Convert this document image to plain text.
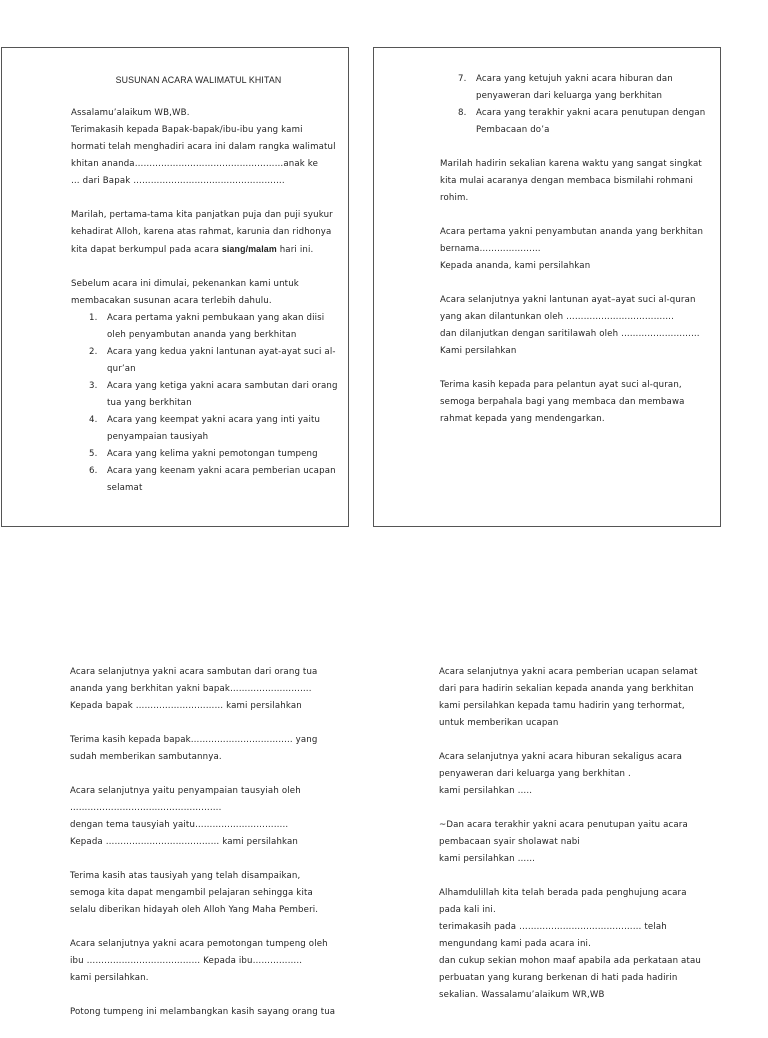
SUSUNAN ACARA WALIMATUL KHITAN

Assalamu’alaikum WB,WB.
Terimakasih kepada Bapak-bapak/ibu-ibu yang kami
hormati telah menghadiri acara ini dalam rangka walimatul
khitan ananda……………………………………………anak ke
… dari Bapak …………………………………………….

Marilah, pertama-tama kita panjatkan puja dan puji syukur
kehadirat Alloh, karena atas rahmat, karunia dan ridhonya
kita dapat berkumpul pada acara siang/malam hari ini.

Sebelum acara ini dimulai, pekenankan kami untuk
membacakan susunan acara terlebih dahulu.
1.	Acara pertama yakni pembukaan yang akan diisi
oleh penyambutan ananda yang berkhitan
2.	Acara yang kedua yakni lantunan ayat-ayat suci al-
qur’an
3.	Acara yang ketiga yakni acara sambutan dari orang
tua yang berkhitan
4.	Acara yang keempat yakni acara yang inti yaitu
penyampaian tausiyah
5.	Acara yang kelima yakni pemotongan tumpeng
6.	Acara yang keenam yakni acara pemberian ucapan
selamat
7.	Acara yang ketujuh yakni acara hiburan dan
penyaweran dari keluarga yang berkhitan
8.	Acara yang terakhir yakni acara penutupan dengan
Pembacaan do’a

Marilah hadirin sekalian karena waktu yang sangat singkat
kita mulai acaranya dengan membaca bismilahi rohmani
rohim.

Acara pertama yakni penyambutan ananda yang berkhitan
bernama…………………
Kepada ananda, kami persilahkan

Acara selanjutnya yakni lantunan ayat–ayat suci al-quran
yang akan dilantunkan oleh ……………………………….
dan dilanjutkan dengan saritilawah oleh ………………………
Kami persilahkan

Terima kasih kepada para pelantun ayat suci al-quran,
semoga berpahala bagi yang membaca dan membawa
rahmat kepada yang mendengarkan.

Acara selanjutnya yakni acara sambutan dari orang tua
ananda yang berkhitan yakni bapak……………………….
Kepada bapak ………………………… kami persilahkan

Terima kasih kepada bapak…………………………….. yang
sudah memberikan sambutannya.

Acara selanjutnya yaitu penyampaian tausyiah oleh
…………………………………………….
dengan tema tausyiah yaitu…………………………..
Kepada ………………………………… kami persilahkan

Terima kasih atas tausiyah yang telah disampaikan,
semoga kita dapat mengambil pelajaran sehingga kita
selalu diberikan hidayah oleh Alloh Yang Maha Pemberi.

Acara selanjutnya yakni acara pemotongan tumpeng oleh
ibu ………………………………… Kepada ibu……………..
kami persilahkan.

Potong tumpeng ini melambangkan kasih sayang orang tua

Acara selanjutnya yakni acara pemberian ucapan selamat
dari para hadirin sekalian kepada ananda yang berkhitan
kami persilahkan kepada tamu hadirin yang terhormat,
untuk memberikan ucapan

Acara selanjutnya yakni acara hiburan sekaligus acara
penyaweran dari keluarga yang berkhitan .
kami persilahkan …..

~Dan acara terakhir yakni acara penutupan yaitu acara
pembacaan syair sholawat nabi
kami persilahkan ……

Alhamdulillah kita telah berada pada penghujung acara
pada kali ini.
terimakasih pada …………………………………… telah
mengundang kami pada acara ini.
dan cukup sekian mohon maaf apabila ada perkataan atau
perbuatan yang kurang berkenan di hati pada hadirin
sekalian. Wassalamu’alaikum WR,WB
